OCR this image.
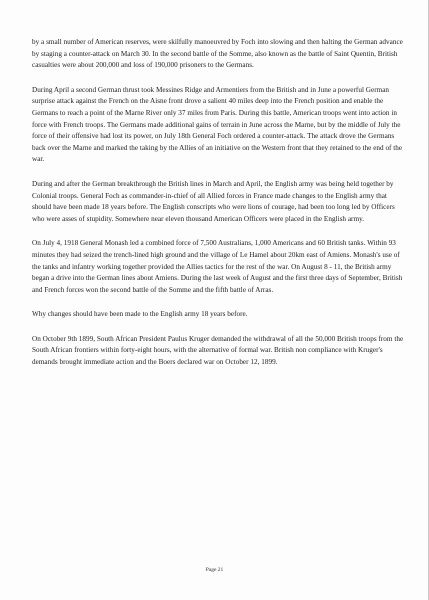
by a small number of American reserves, were skilfully manoeuvred by Foch into slowing and then halting the German advance by staging a counter-attack on March 30. In the second battle of the Somme, also known as the battle of Saint Quentin, British casualties were about 200,000 and loss of 190,000 prisoners to the Germans.

During April a second German thrust took Messines Ridge and Armentiers from the British and in June a powerful German surprise attack against the French on the Aisne front drove a salient 40 miles deep into the French position and enable the Germans to reach a point of the Marne River only 37 miles from Paris. During this battle, American troops went into action in force with French troops. The Germans made additional gains of terrain in June across the Marne, but by the middle of July the force of their offensive had lost its power, on July 18th General Foch ordered a counter-attack. The attack drove the Germans back over the Marne and marked the taking by the Allies of an initiative on the Western front that they retained to the end of the war.

During and after the German breakthrough the British lines in March and April, the English army was being held together by Colonial troops. General Foch as commander-in-chief of all Allied forces in France made changes to the English army that should have been made 18 years before. The English conscripts who were lions of courage, had been too long led by Officers who were asses of stupidity. Somewhere near eleven thousand American Officers were placed in the English army.

On July 4, 1918 General Monash led a combined force of 7,500 Australians, 1,000 Americans and 60 British tanks. Within 93 minutes they had seized the trench-lined high ground and the village of Le Hamel about 20km east of Amiens. Monash's use of the tanks and infantry working together provided the Allies tactics for the rest of the war. On August 8 - 11, the British army began a drive into the German lines about Amiens. During the last week of August and the first three days of September, British and French forces won the second battle of the Somme and the fifth battle of Arras.

Why changes should have been made to the English army 18 years before.

On October 9th 1899, South African President Paulus Kruger demanded the withdrawal of all the 50,000 British troops from the South African frontiers within forty-eight hours, with the alternative of formal war. British non compliance with Kruger's demands brought immediate action and the Boers declared war on October 12, 1899.

Page 21
